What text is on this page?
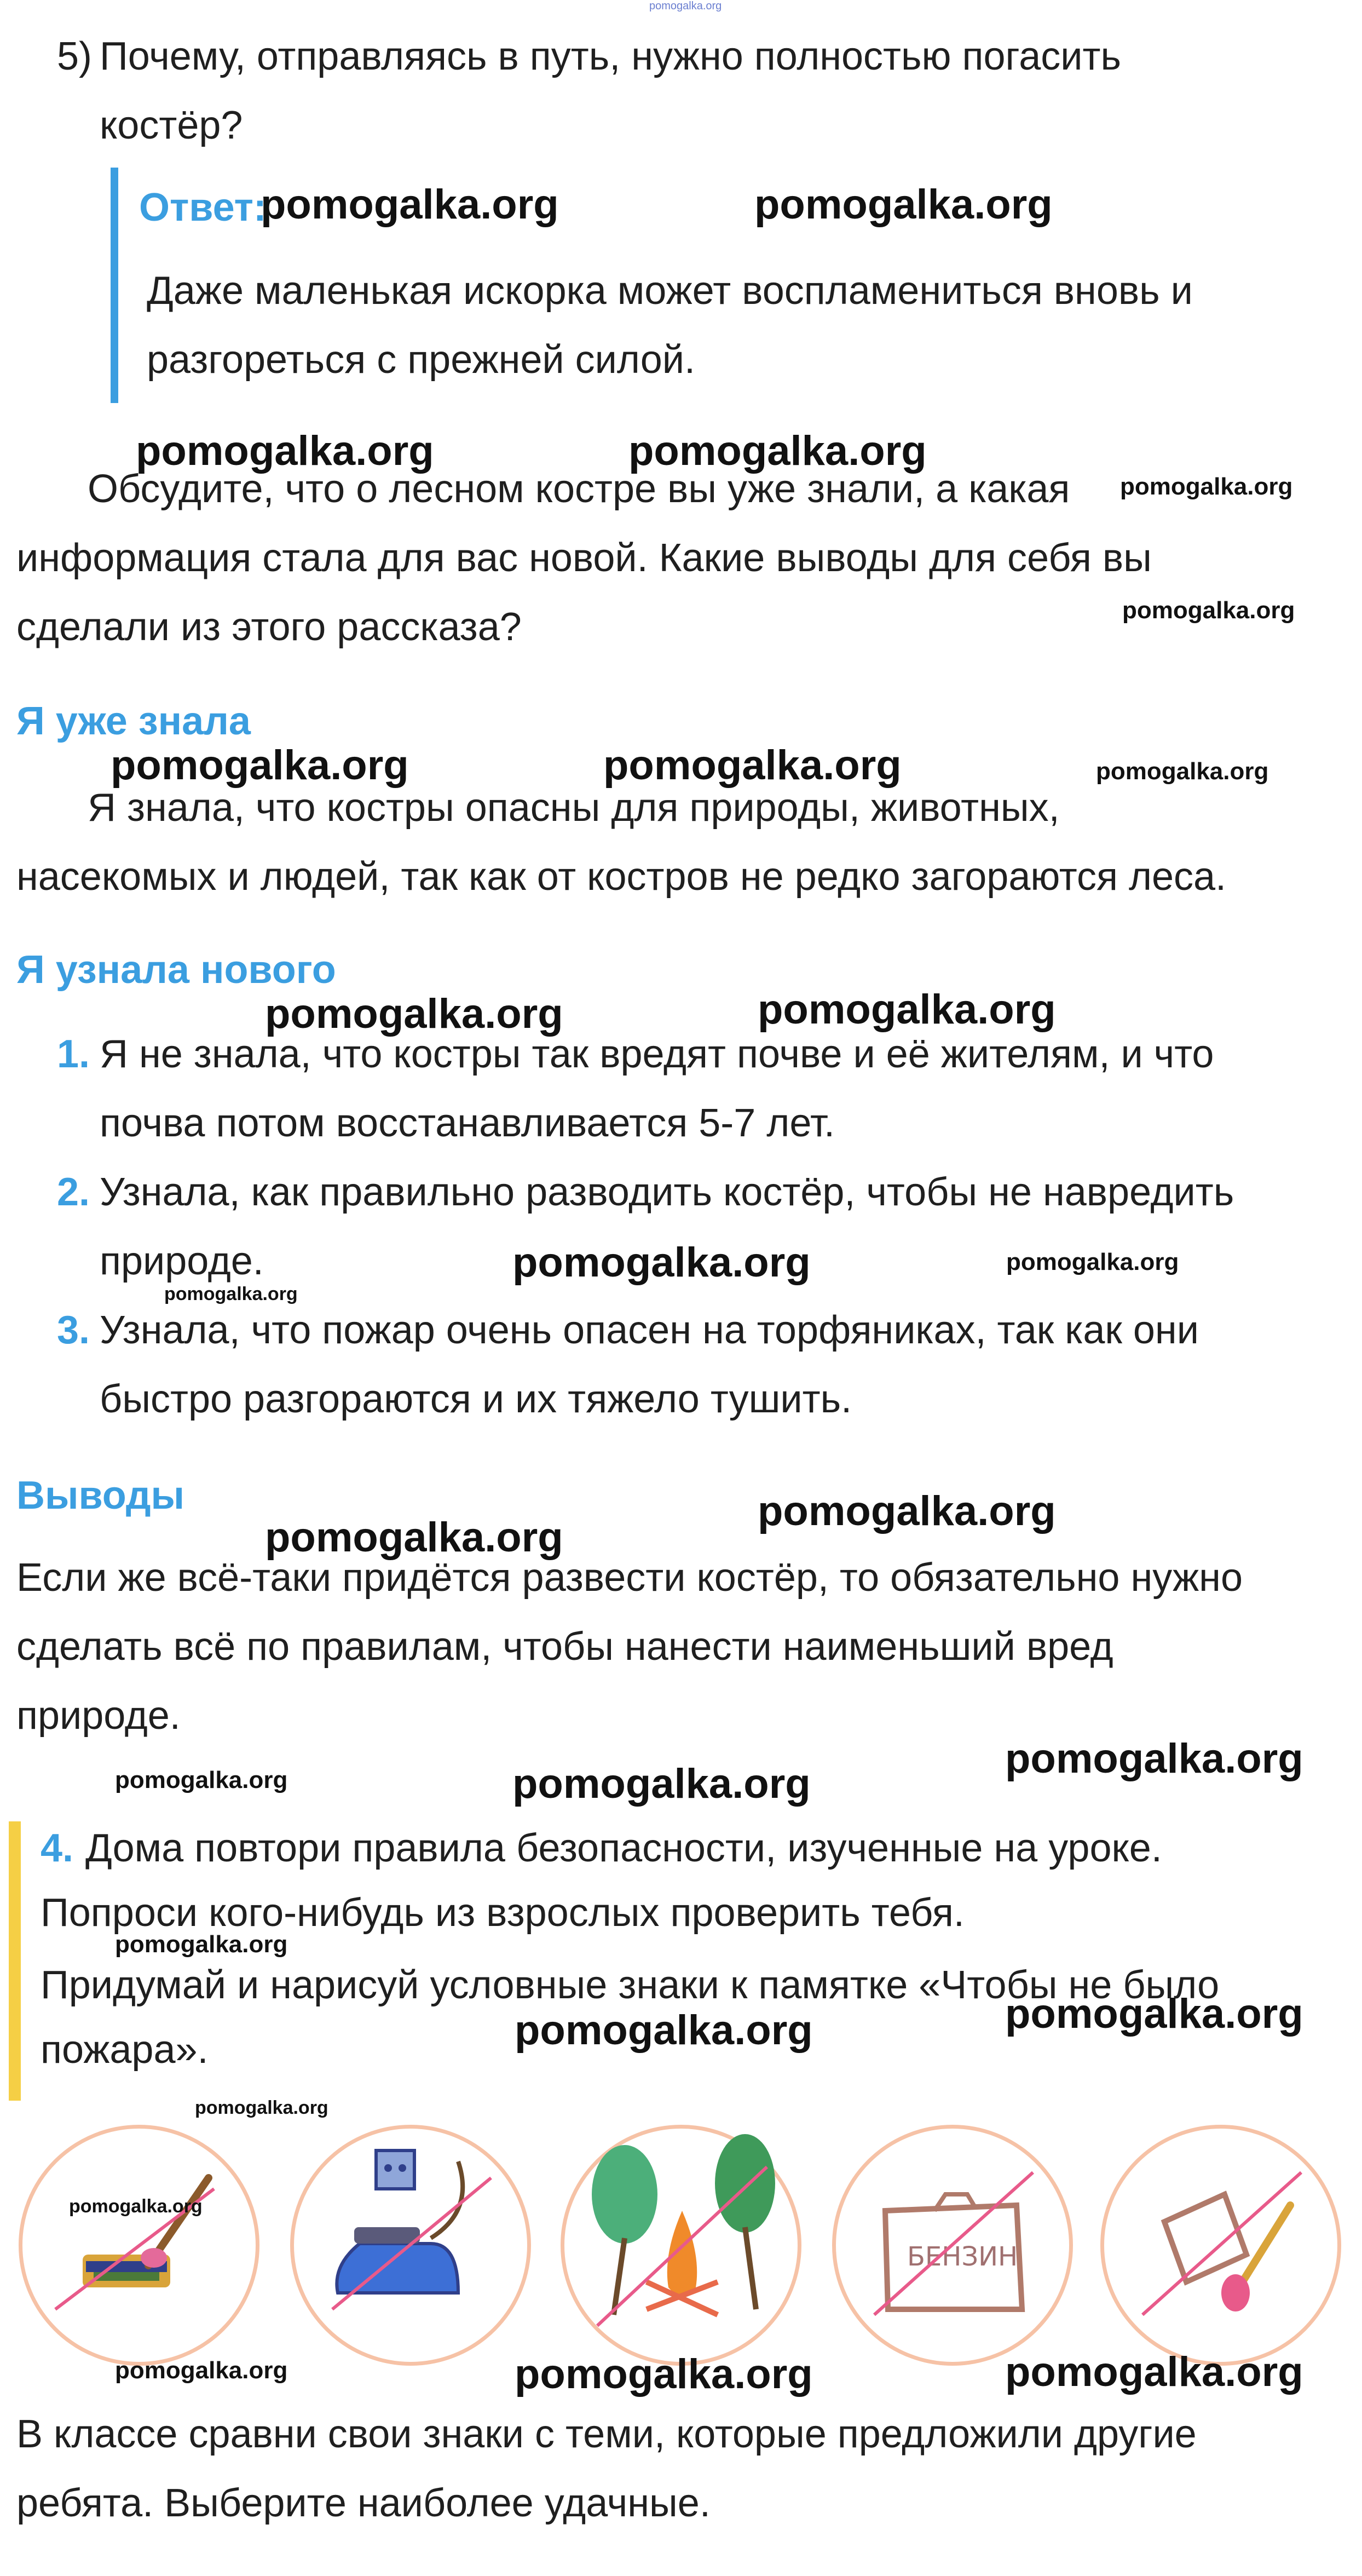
pomogalka.org
5) Почему, отправляясь в путь, нужно полностью погасить
костёр?
Ответ:
Даже маленькая искорка может воспламениться вновь и
разгореться с прежней силой.
Обсудите, что о лесном костре вы уже знали, а какая
информация стала для вас новой. Какие выводы для себя вы
сделали из этого рассказа?
Я уже знала
Я знала, что костры опасны для природы, животных,
насекомых и людей, так как от костров не редко загораются леса.
Я узнала нового
1. Я не знала, что костры так вредят почве и её жителям, и что
почва потом восстанавливается 5-7 лет.
2. Узнала, как правильно разводить костёр, чтобы не навредить
природе.
3. Узнала, что пожар очень опасен на торфяниках, так как они
быстро разгораются и их тяжело тушить.
Выводы
Если же всё-таки придётся развести костёр, то обязательно нужно
сделать всё по правилам, чтобы нанести наименьший вред
природе.
4. Дома повтори правила безопасности, изученные на уроке.
Попроси кого-нибудь из взрослых проверить тебя.
Придумай и нарисуй условные знаки к памятке «Чтобы не было
пожара».
БЕНЗИН
В классе сравни свои знаки с теми, которые предложили другие
ребята. Выберите наиболее удачные.
pomogalka.org	pomogalka.org
pomogalka.org	pomogalka.org
pomogalka.org
pomogalka.org
pomogalka.org	pomogalka.org	pomogalka.org
pomogalka.org	pomogalka.org
pomogalka.org	pomogalka.org
pomogalka.org
pomogalka.org
pomogalka.org
pomogalka.org	pomogalka.org
pomogalka.org
pomogalka.org
pomogalka.org
pomogalka.org
pomogalka.org
pomogalka.org
pomogalka.org	pomogalka.org	pomogalka.org
